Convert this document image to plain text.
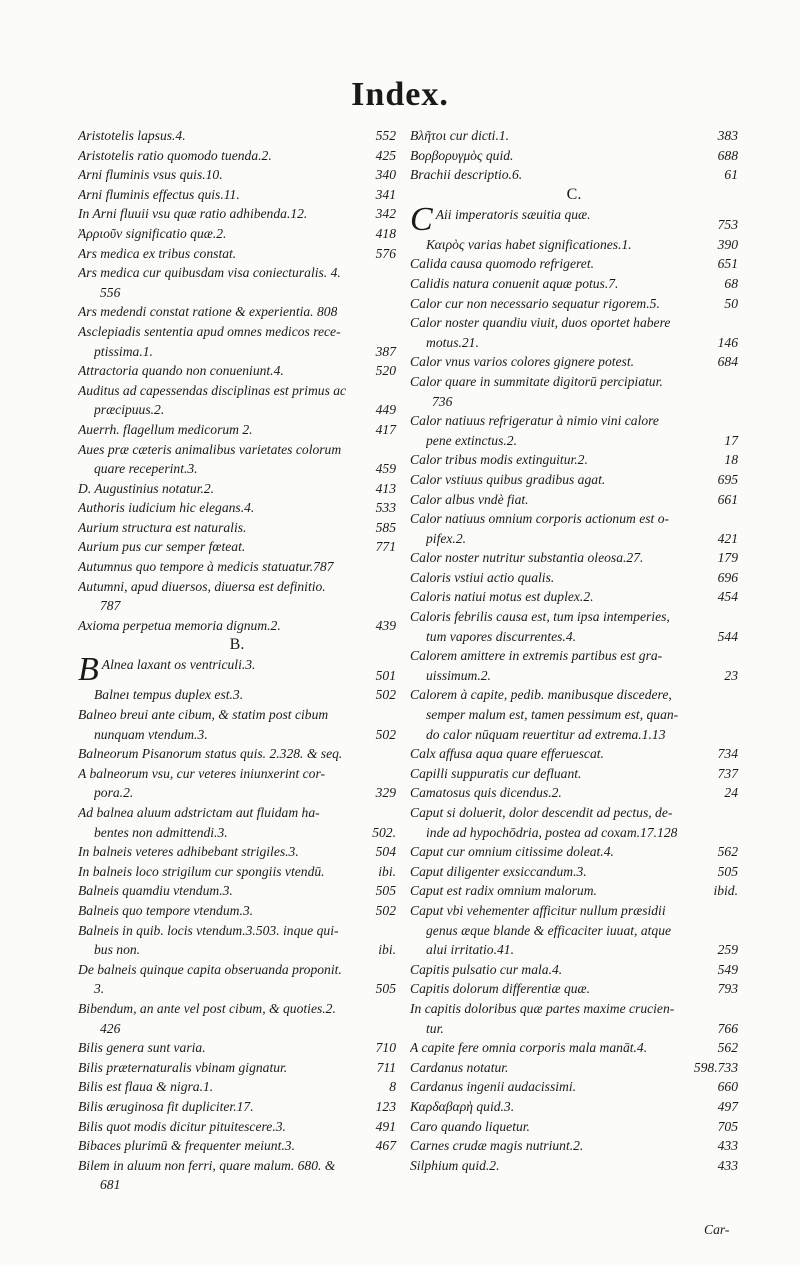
Index.
Aristotelis lapsus.4.	552
Aristotelis ratio quomodo tuenda.2.	425
Arni fluminis vsus quis.10.	340
Arni fluminis effectus quis.11.	341
In Arni fluuii vsu quæ ratio adhibenda.12.	342
Ἀρριοῦν significatio quæ.2.	418
Ars medica ex tribus constat.	576
Ars medica cur quibusdam visa coniecturalis. 4.
556
Ars medendi constat ratione & experientia. 808
Asclepiadis sententia apud omnes medicos rece-
ptissima.1.	387
Attractoria quando non conueniunt.4.	520
Auditus ad capessendas disciplinas est primus ac
præcipuus.2.	449
Auerrh. flagellum medicorum 2.	417
Aues præ cæteris animalibus varietates colorum
quare receperint.3.	459
D. Augustinius notatur.2.	413
Authoris iudicium hic elegans.4.	533
Aurium structura est naturalis.	585
Aurium pus cur semper fœteat.	771
Autumnus quo tempore à medicis statuatur.787
Autumni, apud diuersos, diuersa est definitio.
787
Axioma perpetua memoria dignum.2.	439
B.
B Alnea laxant os ventriculi.3.
501
Balneı tempus duplex est.3.	502
Balneo breui ante cibum, & statim post cibum
nunquam vtendum.3.	502
Balneorum Pisanorum status quis. 2.328. & seq.
A balneorum vsu, cur veteres iniunxerint cor-
pora.2.	329
Ad balnea aluum adstrictam aut fluidam ha-
bentes non admittendi.3.	502.
In balneis veteres adhibebant strigiles.3.	504
In balneis loco strigilum cur spongiis vtendū.	ibi.
Balneis quamdiu vtendum.3.	505
Balneis quo tempore vtendum.3.	502
Balneis in quib. locis vtendum.3.503. inque qui-
bus non.	ibi.
De balneis quinque capita obseruanda proponit.
3.	505
Bibendum, an ante vel post cibum, & quoties.2.
426
Bilis genera sunt varia.	710
Bilis præternaturalis vbinam gignatur.	711
Bilis est flaua & nigra.1.	8
Bilis æruginosa fit dupliciter.17.	123
Bilis quot modis dicitur pituitescere.3.	491
Bibaces plurimū & frequenter meiunt.3.	467
Bilem in aluum non ferri, quare malum. 680. &
681
Βλῆτοι cur dicti.1.	383
Βορβορυγμὸς quid.	688
Brachii descriptio.6.	61
C.
C Aii imperatoris sæuitia quæ.
753
Καιρὸς varias habet significationes.1.	390
Calida causa quomodo refrigeret.	651
Calidis natura conuenit aquæ potus.7.	68
Calor cur non necessario sequatur rigorem.5.	50
Calor noster quandiu viuit, duos oportet habere
motus.21.	146
Calor vnus varios colores gignere potest.	684
Calor quare in summitate digitorū percipiatur.
736
Calor natiuus refrigeratur à nimio vini calore
pene extinctus.2.	17
Calor tribus modis extinguitur.2.	18
Calor vstiuus quibus gradibus agat.	695
Calor albus vndè fiat.	661
Calor natiuus omnium corporis actionum est o-
pifex.2.	421
Calor noster nutritur substantia oleosa.27.	179
Caloris vstiui actio qualis.	696
Caloris natiui motus est duplex.2.	454
Caloris febrilis causa est, tum ipsa intemperies,
tum vapores discurrentes.4.	544
Calorem amittere in extremis partibus est gra-
uissimum.2.	23
Calorem à capite, pedib. manibusque discedere,
semper malum est, tamen pessimum est, quan-
do calor nūquam reuertitur ad extrema.1.13
Calx affusa aqua quare efferuescat.	734
Capilli suppuratis cur defluant.	737
Camatosus quis dicendus.2.	24
Caput si doluerit, dolor descendit ad pectus, de-
inde ad hypochōdria, postea ad coxam.17.128
Caput cur omnium citissime doleat.4.	562
Caput diligenter exsiccandum.3.	505
Caput est radix omnium malorum.	ibid.
Caput vbi vehementer afficitur nullum præsidii
genus æque blande & efficaciter iuuat, atque
alui irritatio.41.	259
Capitis pulsatio cur mala.4.	549
Capitis dolorum differentiæ quæ.	793
In capitis doloribus quæ partes maxime crucien-
tur.	766
A capite fere omnia corporis mala manāt.4.	562
Cardanus notatur.	598.733
Cardanus ingenii audacissimi.	660
Καρδαβαρὴ quid.3.	497
Caro quando liquetur.	705
Carnes crudæ magis nutriunt.2.	433
Silphium quid.2.	433
Car-
